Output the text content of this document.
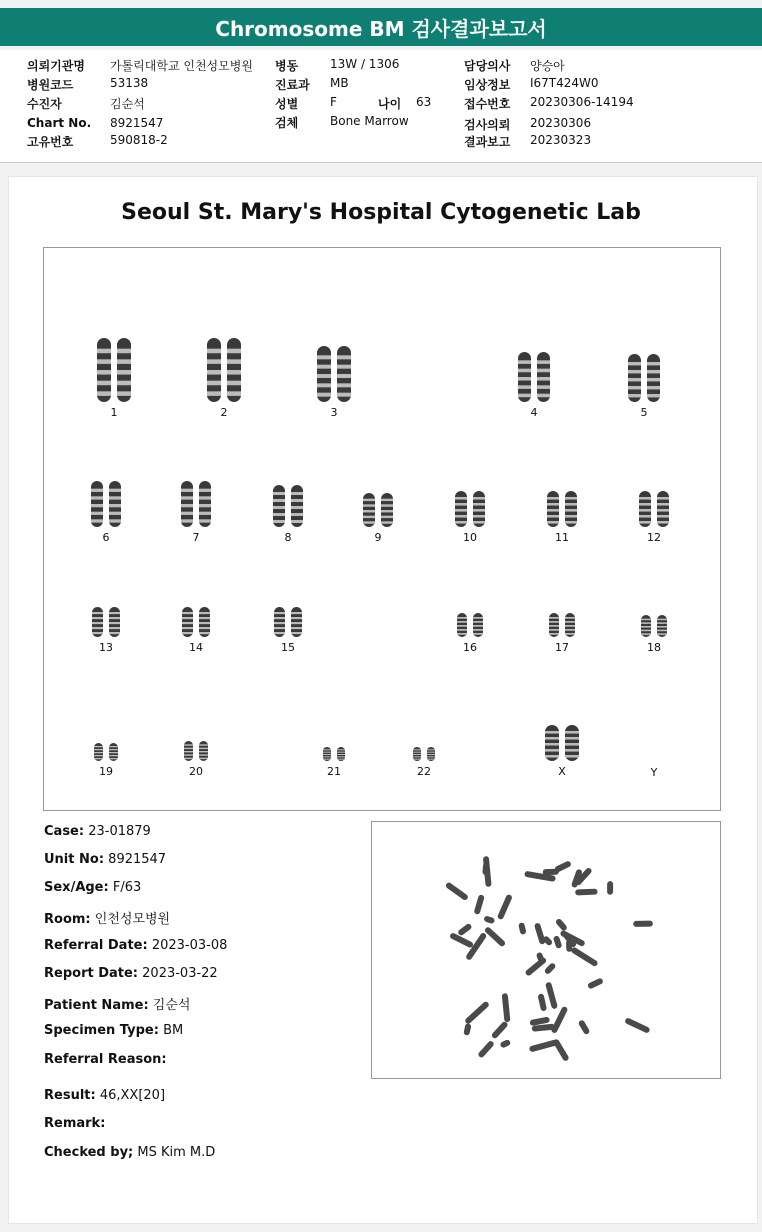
Chromosome BM 검사결과보고서
의뢰기관명 가톨릭대학교 인천성모병원
병원코드	53138
수진자	김순석
Chart No. 8921547
고유번호	590818-2
병동	13W / 1306
진료과 MB
성별	F	나이 63
검체	Bone Marrow
담당의사 양승아
임상정보 I67T424W0
접수번호 20230306-14194
검사의뢰 20230306
결과보고 20230323
Seoul St. Mary's Hospital Cytogenetic Lab
1	2	3	4	5
6	7	8	9	10	11	12
13	14	15	16	17	18
19	20	21	22	X	Y
Case: 23-01879
Unit No: 8921547
Sex/Age: F/63
Room: 인천성모병원
Referral Date: 2023-03-08
Report Date: 2023-03-22
Patient Name: 김순석
Specimen Type: BM
Referral Reason:
Result: 46,XX[20]
Remark:
Checked by; MS Kim M.D
